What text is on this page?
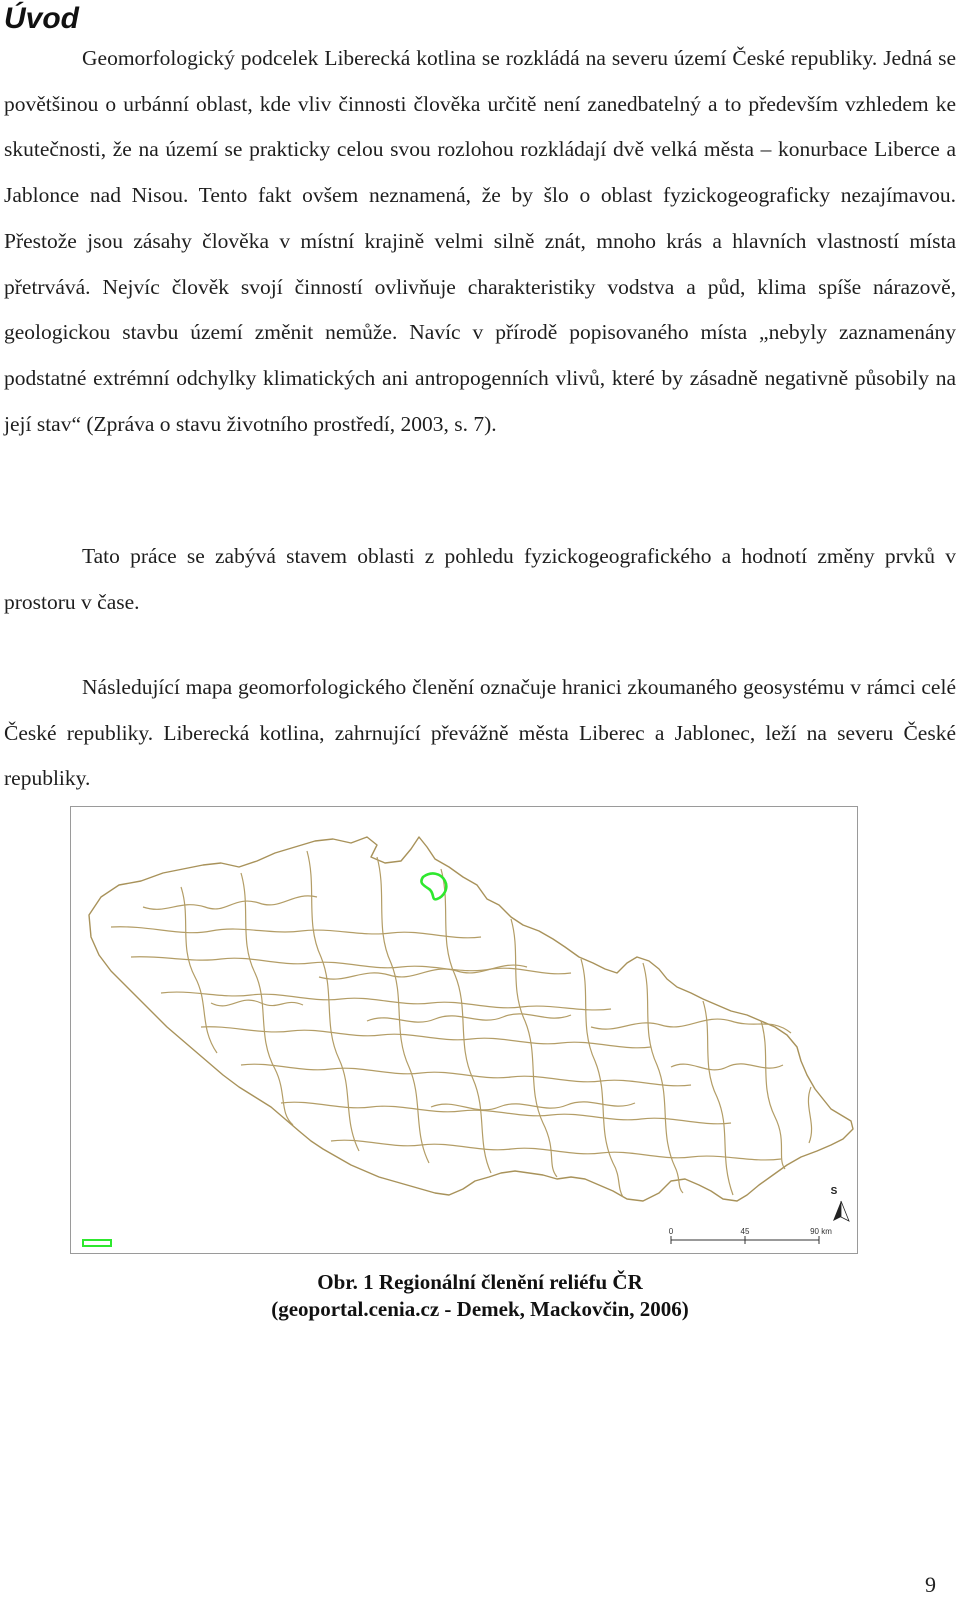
Úvod

Geomorfologický podcelek Liberecká kotlina se rozkládá na severu území České republiky. Jedná se povětšinou o urbánní oblast, kde vliv činnosti člověka určitě není zanedbatelný a to především vzhledem ke skutečnosti, že na území se prakticky celou svou rozlohou rozkládají dvě velká města – konurbace Liberce a Jablonce nad Nisou. Tento fakt ovšem neznamená, že by šlo o oblast fyzickogeograficky nezajímavou. Přestože jsou zásahy člověka v místní krajině velmi silně znát, mnoho krás a hlavních vlastností místa přetrvává. Nejvíc člověk svojí činností ovlivňuje charakteristiky vodstva a půd, klima spíše nárazově, geologickou stavbu území změnit nemůže. Navíc v přírodě popisovaného místa „nebyly zaznamenány podstatné extrémní odchylky klimatických ani antropogenních vlivů, které by zásadně negativně působily na její stav“ (Zpráva o stavu životního prostředí, 2003, s. 7).

Tato práce se zabývá stavem oblasti z pohledu fyzickogeografického a hodnotí změny prvků v prostoru v čase.

Následující mapa geomorfologického členění označuje hranici zkoumaného geosystému v rámci celé České republiky. Liberecká kotlina, zahrnující převážně města Liberec a Jablonec, leží na severu České republiky.

S
0	45	90 km

Obr. 1 Regionální členění reliéfu ČR

(geoportal.cenia.cz - Demek, Mackovčin, 2006)

9
